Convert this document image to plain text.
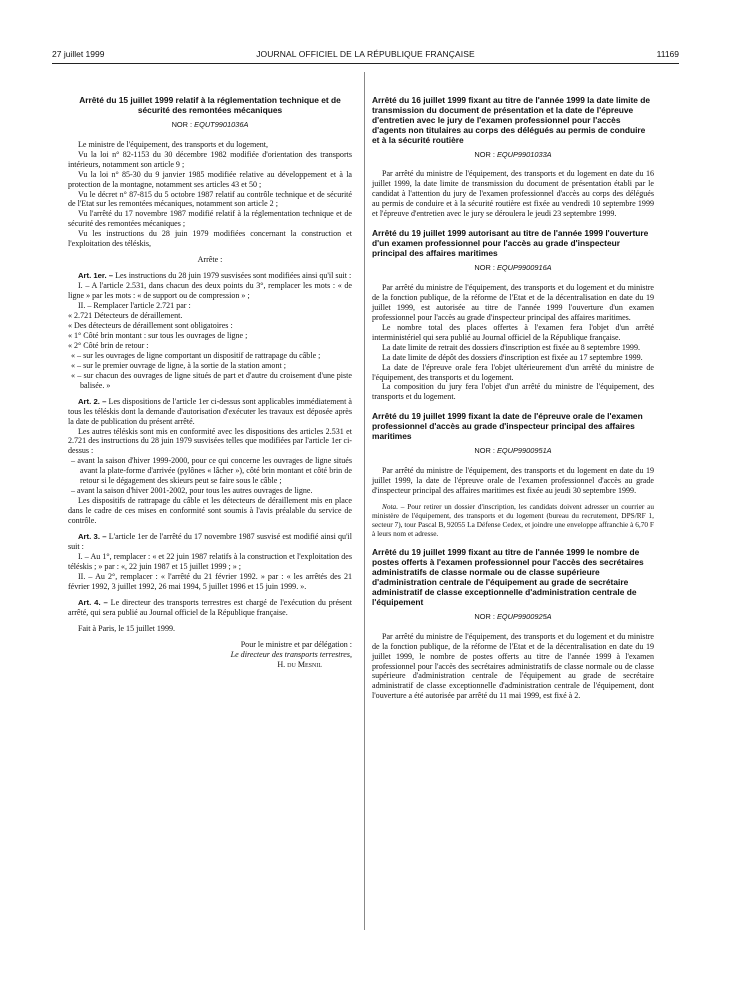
27 juillet 1999	JOURNAL OFFICIEL DE LA RÉPUBLIQUE FRANÇAISE	11169
Arrêté du 15 juillet 1999 relatif à la réglementation technique et de sécurité des remontées mécaniques
NOR : EQUT9901036A

Le ministre de l'équipement, des transports et du logement,

Vu la loi n° 82-1153 du 30 décembre 1982 modifiée d'orientation des transports intérieurs, notamment son article 9 ;

Vu la loi n° 85-30 du 9 janvier 1985 modifiée relative au développement et à la protection de la montagne, notamment ses articles 43 et 50 ;

Vu le décret n° 87-815 du 5 octobre 1987 relatif au contrôle technique et de sécurité de l'Etat sur les remontées mécaniques, notamment son article 2 ;

Vu l'arrêté du 17 novembre 1987 modifié relatif à la réglementation technique et de sécurité des remontées mécaniques ;

Vu les instructions du 28 juin 1979 modifiées concernant la construction et l'exploitation des téléskis,

Arrête :

Art. 1er. – Les instructions du 28 juin 1979 susvisées sont modifiées ainsi qu'il suit :

I. – A l'article 2.531, dans chacun des deux points du 3°, remplacer les mots : « de ligne » par les mots : « de support ou de compression » ;

II. – Remplacer l'article 2.721 par :

« 2.721 Détecteurs de déraillement.

« Des détecteurs de déraillement sont obligatoires :

« 1° Côté brin montant : sur tous les ouvrages de ligne ;

« 2° Côté brin de retour :

« – sur les ouvrages de ligne comportant un dispositif de rattrapage du câble ;

« – sur le premier ouvrage de ligne, à la sortie de la station amont ;

« – sur chacun des ouvrages de ligne situés de part et d'autre du croisement d'une piste balisée. »

Art. 2. – Les dispositions de l'article 1er ci-dessus sont applicables immédiatement à tous les téléskis dont la demande d'autorisation d'exécuter les travaux est déposée après la date de publication du présent arrêté.

Les autres téléskis sont mis en conformité avec les dispositions des articles 2.531 et 2.721 des instructions du 28 juin 1979 susvisées telles que modifiées par l'article 1er ci-dessus :

– avant la saison d'hiver 1999-2000, pour ce qui concerne les ouvrages de ligne situés avant la plate-forme d'arrivée (pylônes « lâcher »), côté brin montant et côté brin de retour si le dégagement des skieurs peut se faire sous le câble ;

– avant la saison d'hiver 2001-2002, pour tous les autres ouvrages de ligne.

Les dispositifs de rattrapage du câble et les détecteurs de déraillement mis en place dans le cadre de ces mises en conformité sont soumis à l'avis préalable du service de contrôle.

Art. 3. – L'article 1er de l'arrêté du 17 novembre 1987 susvisé est modifié ainsi qu'il suit :

I. – Au 1°, remplacer : « et 22 juin 1987 relatifs à la construction et l'exploitation des téléskis ; » par : «, 22 juin 1987 et 15 juillet 1999 ; » ;

II. – Au 2°, remplacer : « l'arrêté du 21 février 1992. » par : « les arrêtés des 21 février 1992, 3 juillet 1992, 26 mai 1994, 5 juillet 1996 et 15 juin 1999. ».

Art. 4. – Le directeur des transports terrestres est chargé de l'exécution du présent arrêté, qui sera publié au Journal officiel de la République française.

Fait à Paris, le 15 juillet 1999.

Pour le ministre et par délégation :

Le directeur des transports terrestres,

H. du Mesnil

Arrêté du 16 juillet 1999 fixant au titre de l'année 1999 la date limite de transmission du document de présentation et la date de l'épreuve d'entretien avec le jury de l'examen professionnel pour l'accès d'agents non titulaires au corps des délégués au permis de conduire et à la sécurité routière
NOR : EQUP9901033A

Par arrêté du ministre de l'équipement, des transports et du logement en date du 16 juillet 1999, la date limite de transmission du document de présentation établi par le candidat à l'attention du jury de l'examen professionnel d'accès au corps des délégués au permis de conduire et à la sécurité routière est fixée au vendredi 10 septembre 1999 et l'épreuve d'entretien avec le jury se déroulera le jeudi 23 septembre 1999.

Arrêté du 19 juillet 1999 autorisant au titre de l'année 1999 l'ouverture d'un examen professionnel pour l'accès au grade d'inspecteur principal des affaires maritimes
NOR : EQUP9900916A

Par arrêté du ministre de l'équipement, des transports et du logement et du ministre de la fonction publique, de la réforme de l'Etat et de la décentralisation en date du 19 juillet 1999, est autorisée au titre de l'année 1999 l'ouverture d'un examen professionnel pour l'accès au grade d'inspecteur principal des affaires maritimes.

Le nombre total des places offertes à l'examen fera l'objet d'un arrêté interministériel qui sera publié au Journal officiel de la République française.

La date limite de retrait des dossiers d'inscription est fixée au 8 septembre 1999.

La date limite de dépôt des dossiers d'inscription est fixée au 17 septembre 1999.

La date de l'épreuve orale fera l'objet ultérieurement d'un arrêté du ministre de l'équipement, des transports et du logement.

La composition du jury fera l'objet d'un arrêté du ministre de l'équipement, des transports et du logement.

Arrêté du 19 juillet 1999 fixant la date de l'épreuve orale de l'examen professionnel d'accès au grade d'inspecteur principal des affaires maritimes
NOR : EQUP9900951A

Par arrêté du ministre de l'équipement, des transports et du logement en date du 19 juillet 1999, la date de l'épreuve orale de l'examen professionnel d'accès au grade d'inspecteur principal des affaires maritimes est fixée au jeudi 30 septembre 1999.

Nota. – Pour retirer un dossier d'inscription, les candidats doivent adresser un courrier au ministère de l'équipement, des transports et du logement (bureau du recrutement, DPS/RF 1, secteur 7), tour Pascal B, 92055 La Défense Cedex, et joindre une enveloppe affranchie à 6,70 F à leurs nom et adresse.

Arrêté du 19 juillet 1999 fixant au titre de l'année 1999 le nombre de postes offerts à l'examen professionnel pour l'accès des secrétaires administratifs de classe normale ou de classe supérieure d'administration centrale de l'équipement au grade de secrétaire administratif de classe exceptionnelle d'administration centrale de l'équipement
NOR : EQUP9900925A

Par arrêté du ministre de l'équipement, des transports et du logement et du ministre de la fonction publique, de la réforme de l'Etat et de la décentralisation en date du 19 juillet 1999, le nombre de postes offerts au titre de l'année 1999 à l'examen professionnel pour l'accès des secrétaires administratifs de classe normale ou de classe supérieure d'administration centrale de l'équipement au grade de secrétaire administratif de classe exceptionnelle d'administration centrale de l'équipement, dont l'ouverture a été autorisée par arrêté du 11 mai 1999, est fixé à 2.
